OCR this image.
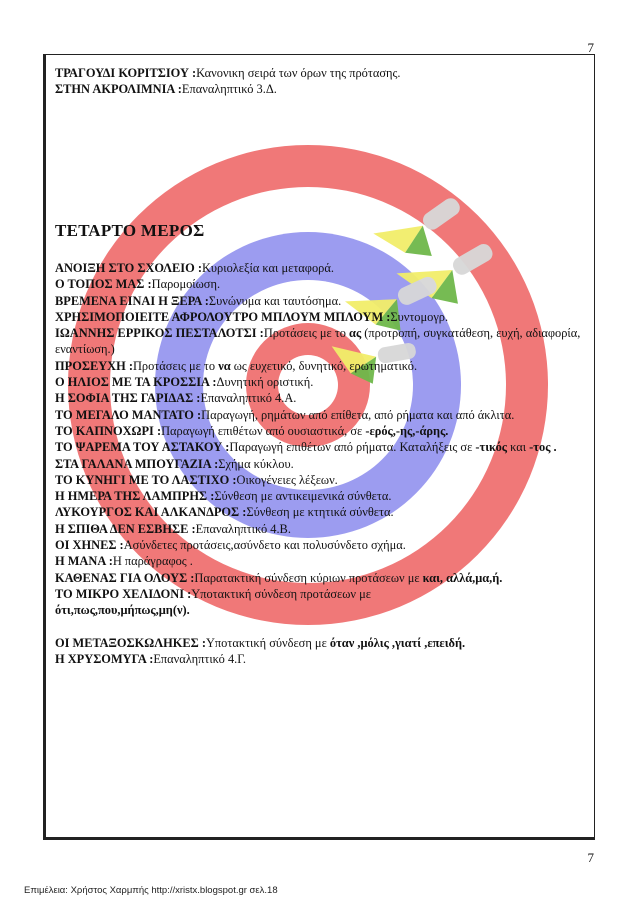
7
ΤΡΑΓΟΥΔΙ ΚΟΡΙΤΣΙΟΥ :Κανονικη σειρά των όρων της πρότασης.
ΣΤΗΝ ΑΚΡΟΛΙΜΝΙΑ :Επαναληπτικό 3.Δ.
ΤΕΤΑΡΤΟ ΜΕΡΟΣ
ΑΝΟΙΞΗ ΣΤΟ ΣΧΟΛΕΙΟ :Κυριολεξία και μεταφορά.
Ο ΤΟΠΟΣ ΜΑΣ :Παρομοίωση.
ΒΡΕΜΕΝΑ ΕΙΝΑΙ Η ΞΕΡΑ :Συνώνυμα και ταυτόσημα.
ΧΡΗΣΙΜΟΠΟΙΕΙΤΕ ΑΦΡΟΛΟΥΤΡΟ ΜΠΛΟΥΜ ΜΠΛΟΥΜ :Συντομογρ.
ΙΩΑΝΝΗΣ ΕΡΡΙΚΟΣ ΠΕΣΤΑΛΟΤΣΙ :Προτάσεις με το ας (προτροπή, συγκατάθεση, ευχή, αδιαφορία, εναντίωση.)
ΠΡΟΣΕΥΧΗ :Προτάσεις με το να ως ευχετικό, δυνητικό, ερωτηματικό.
Ο ΗΛΙΟΣ ΜΕ ΤΑ ΚΡΟΣΣΙΑ :Δυνητική οριστική.
Η ΣΟΦΙΑ ΤΗΣ ΓΑΡΙΔΑΣ :Επαναληπτικό 4.Α.
ΤΟ ΜΕΓΑΛΟ ΜΑΝΤΑΤΟ :Παραγωγή, ρημάτων από επίθετα, από ρήματα και από άκλιτα.
ΤΟ ΚΑΠΝΟΧΩΡΙ :Παραγωγή επιθέτων από ουσιαστικά, σε -ερός,-ης,-άρης.
ΤΟ ΨΑΡΕΜΑ ΤΟΥ ΑΣΤΑΚΟΥ :Παραγωγή επιθέτων από ρήματα. Καταλήξεις σε -τικός και -τος .
ΣΤΑ ΓΑΛΑΝΑ ΜΠΟΥΓΑΖΙΑ :Σχήμα κύκλου.
ΤΟ ΚΥΝΗΓΙ ΜΕ ΤΟ ΛΑΣΤΙΧΟ :Οικογένειες λέξεων.
Η ΗΜΕΡΑ ΤΗΣ ΛΑΜΠΡΗΣ :Σύνθεση με αντικειμενικά σύνθετα.
ΛΥΚΟΥΡΓΟΣ ΚΑΙ ΑΛΚΑΝΔΡΟΣ :Σύνθεση με κτητικά σύνθετα.
Η ΣΠΙΘΑ ΔΕΝ ΕΣΒΗΣΕ :Επαναληπτικό 4.Β.
ΟΙ ΧΗΝΕΣ :Ασύνδετες προτάσεις,ασύνδετο και πολυσύνδετο σχήμα.
Η ΜΑΝΑ :Η παράγραφος .
ΚΑΘΕΝΑΣ ΓΙΑ ΟΛΟΥΣ :Παρατακτική σύνδεση κύριων προτάσεων με και, αλλά,μα,ή.
ΤΟ ΜΙΚΡΟ ΧΕΛΙΔΟΝΙ :Υποτακτική σύνδεση προτάσεων με
ότι,πως,που,μήπως,μη(ν).
ΟΙ ΜΕΤΑΞΟΣΚΩΛΗΚΕΣ :Υποτακτική σύνδεση με όταν ,μόλις ,γιατί ,επειδή.
Η ΧΡΥΣΟΜΥΓΑ :Επαναληπτικό 4.Γ.
7
Επιμέλεια: Χρήστος Χαρμπής http://xristx.blogspot.gr σελ.18
